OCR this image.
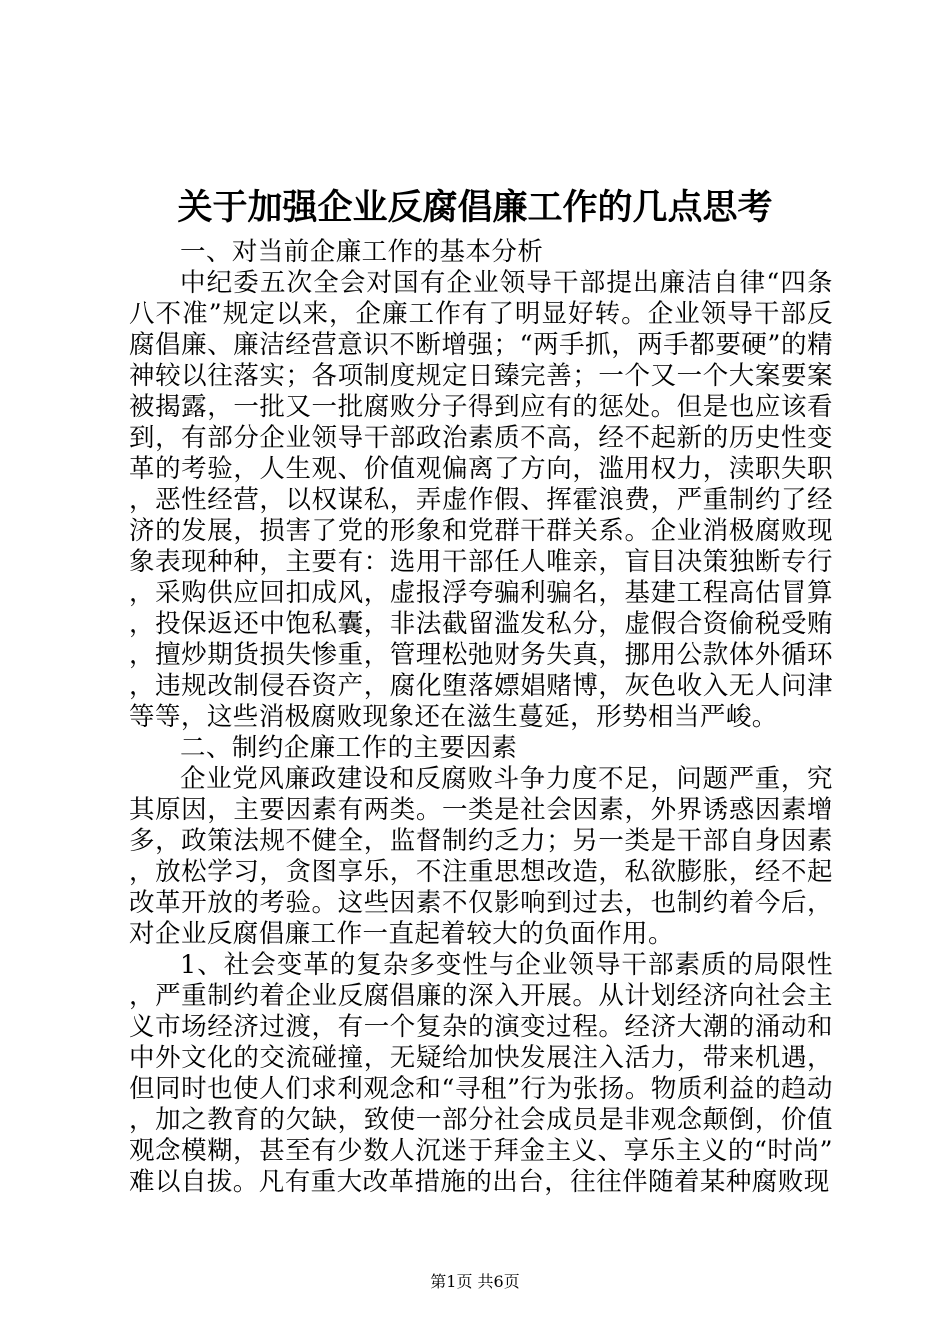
关于加强企业反腐倡廉工作的几点思考

一、对当前企廉工作的基本分析

中纪委五次全会对国有企业领导干部提出廉洁自律“四条八不准”规定以来，企廉工作有了明显好转。企业领导干部反腐倡廉、廉洁经营意识不断增强；“两手抓，两手都要硬”的精神较以往落实；各项制度规定日臻完善；一个又一个大案要案被揭露，一批又一批腐败分子得到应有的惩处。但是也应该看到，有部分企业领导干部政治素质不高，经不起新的历史性变革的考验，人生观、价值观偏离了方向，滥用权力，渎职失职，恶性经营，以权谋私，弄虚作假、挥霍浪费，严重制约了经济的发展，损害了党的形象和党群干群关系。企业消极腐败现象表现种种，主要有：选用干部任人唯亲，盲目决策独断专行，采购供应回扣成风，虚报浮夸骗利骗名，基建工程高估冒算，投保返还中饱私囊，非法截留滥发私分，虚假合资偷税受贿，擅炒期货损失惨重，管理松弛财务失真，挪用公款体外循环，违规改制侵吞资产，腐化堕落嫖娼赌博，灰色收入无人问津等等，这些消极腐败现象还在滋生蔓延，形势相当严峻。

二、制约企廉工作的主要因素

企业党风廉政建设和反腐败斗争力度不足，问题严重，究其原因，主要因素有两类。一类是社会因素，外界诱惑因素增多，政策法规不健全，监督制约乏力；另一类是干部自身因素，放松学习，贪图享乐，不注重思想改造，私欲膨胀，经不起改革开放的考验。这些因素不仅影响到过去，也制约着今后，对企业反腐倡廉工作一直起着较大的负面作用。

1、社会变革的复杂多变性与企业领导干部素质的局限性，严重制约着企业反腐倡廉的深入开展。从计划经济向社会主义市场经济过渡，有一个复杂的演变过程。经济大潮的涌动和中外文化的交流碰撞，无疑给加快发展注入活力，带来机遇，但同时也使人们求利观念和“寻租”行为张扬。物质利益的趋动，加之教育的欠缺，致使一部分社会成员是非观念颠倒，价值观念模糊，甚至有少数人沉迷于拜金主义、享乐主义的“时尚”难以自拔。凡有重大改革措施的出台，往往伴随着某种腐败现

第1页 共6页
